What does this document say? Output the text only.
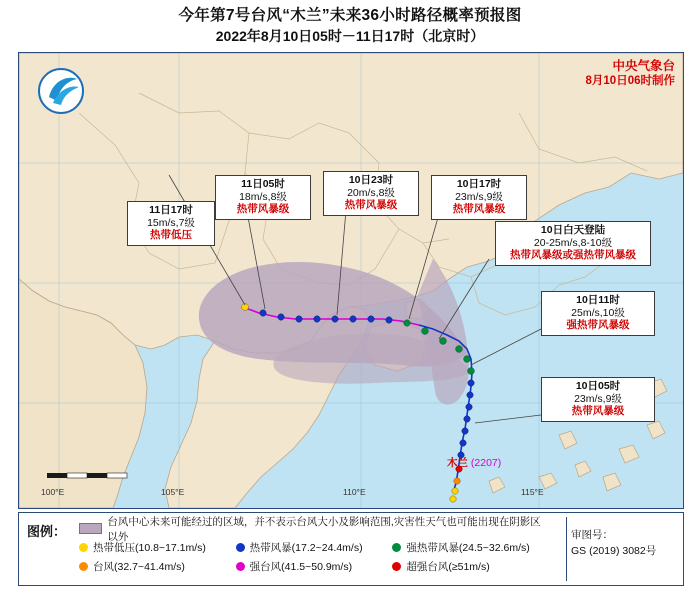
今年第7号台风“木兰”未来36小时路径概率预报图
2022年8月10日05时－11日17时（北京时）
中央气象台
8月10日06时制作
11日17时
15m/s,7级
热带低压
11日05时
18m/s,8级
热带风暴级
10日23时
20m/s,8级
热带风暴级
10日17时
23m/s,9级
热带风暴级
10日白天登陆
20-25m/s,8-10级
热带风暴级或强热带风暴级
10日11时
25m/s,10级
强热带风暴级
10日05时
23m/s,9级
热带风暴级
木兰 (2207)
100°E	105°E	110°E	115°E
图例：
台风中心未来可能经过的区域，并不表示台风大小及影响范围,灾害性天气也可能出现在阴影区以外
热带低压(10.8~17.1m/s)	热带风暴(17.2~24.4m/s)	强热带风暴(24.5~32.6m/s)
台风(32.7~41.4m/s)	强台风(41.5~50.9m/s)	超强台风(≥51m/s)
审图号：
GS (2019) 3082号
